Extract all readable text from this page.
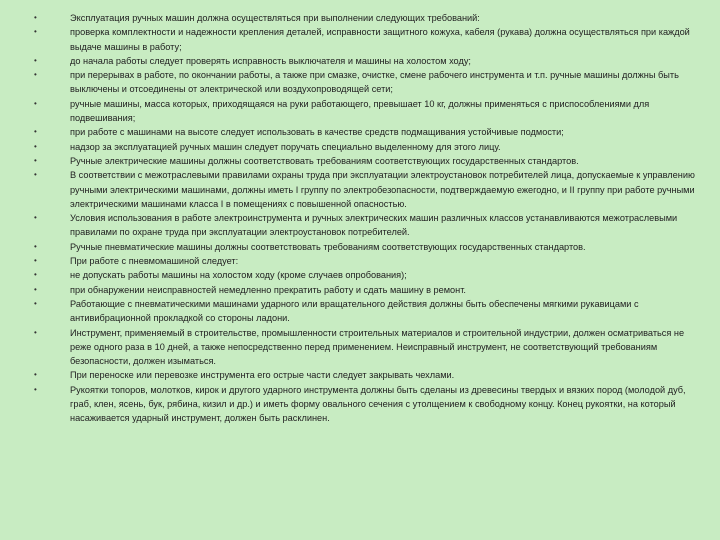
•	Эксплуатация ручных машин должна осуществляться при выполнении следующих требований:
•	проверка комплектности и надежности крепления деталей, исправности защитного кожуха, кабеля (рукава) должна осуществляться при каждой выдаче машины в работу;
•	до начала работы следует проверять исправность выключателя и машины на холостом ходу;
•	при перерывах в работе, по окончании работы, а также при смазке, очистке, смене рабочего инструмента и т.п. ручные машины должны быть выключены и отсоединены от электрической или воздухопроводящей сети;
•	ручные машины, масса которых, приходящаяся на руки работающего, превышает 10 кг, должны применяться с приспособлениями для подвешивания;
•	при работе с машинами на высоте следует использовать в качестве средств подмащивания устойчивые подмости;
•	надзор за эксплуатацией ручных машин следует поручать специально выделенному для этого лицу.
•	Ручные электрические машины должны соответствовать требованиям соответствующих государственных стандартов.
•	В соответствии с межотраслевыми правилами охраны труда при эксплуатации электроустановок потребителей лица, допускаемые к управлению ручными электрическими машинами, должны иметь I группу по электробезопасности, подтверждаемую ежегодно, и II группу при работе ручными электрическими машинами класса I в помещениях с повышенной опасностью.
•	Условия использования в работе электроинструмента и ручных электрических машин различных классов устанавливаются межотраслевыми правилами по охране труда при эксплуатации электроустановок потребителей.
•	Ручные пневматические машины должны соответствовать требованиям соответствующих государственных стандартов.
•	При работе с пневмомашиной следует:
•	не допускать работы машины на холостом ходу (кроме случаев опробования);
•	при обнаружении неисправностей немедленно прекратить работу и сдать машину в ремонт.
•	Работающие с пневматическими машинами ударного или вращательного действия должны быть обеспечены мягкими рукавицами с антивибрационной прокладкой со стороны ладони.
•	Инструмент, применяемый в строительстве, промышленности строительных материалов и строительной индустрии, должен осматриваться не реже одного раза в 10 дней, а также непосредственно перед применением. Неисправный инструмент, не соответствующий требованиям безопасности, должен изыматься.
•	При переноске или перевозке инструмента его острые части следует закрывать чехлами.
•	Рукоятки топоров, молотков, кирок и другого ударного инструмента должны быть сделаны из древесины твердых и вязких пород (молодой дуб, граб, клен, ясень, бук, рябина, кизил и др.) и иметь форму овального сечения с утолщением к свободному концу. Конец рукоятки, на который насаживается ударный инструмент, должен быть расклинен.
